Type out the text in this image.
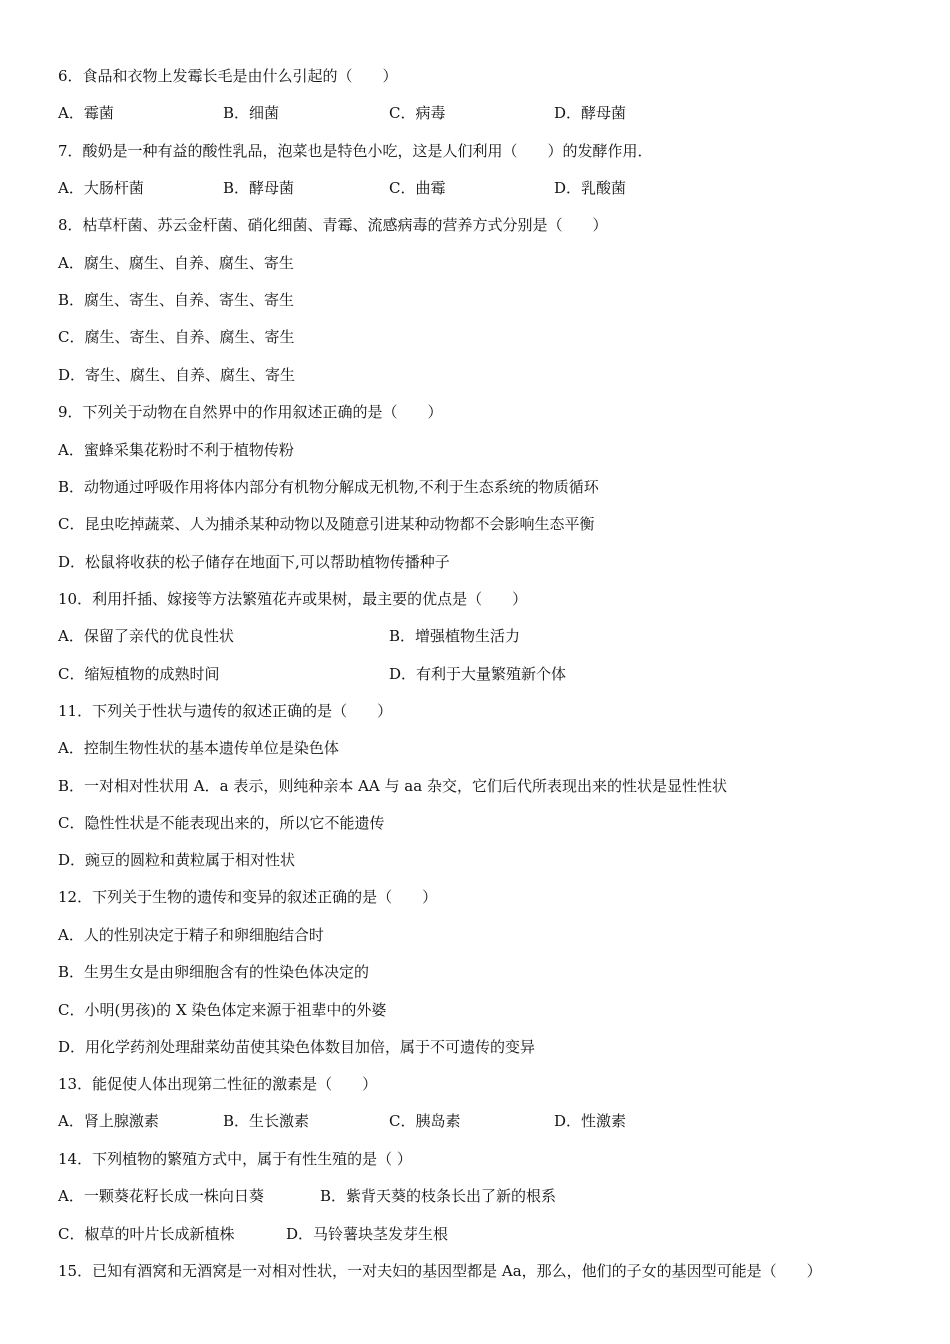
6．食品和衣物上发霉长毛是由什么引起的（　　）
A．霉菌	B．细菌	C．病毒	D．酵母菌
7．酸奶是一种有益的酸性乳品，泡菜也是特色小吃，这是人们利用（　　）的发酵作用．
A．大肠杆菌	B．酵母菌	C．曲霉	D．乳酸菌
8．枯草杆菌、苏云金杆菌、硝化细菌、青霉、流感病毒的营养方式分别是（　　）
A．腐生、腐生、自养、腐生、寄生
B．腐生、寄生、自养、寄生、寄生
C．腐生、寄生、自养、腐生、寄生
D．寄生、腐生、自养、腐生、寄生
9．下列关于动物在自然界中的作用叙述正确的是（　　）
A．蜜蜂采集花粉时不利于植物传粉
B．动物通过呼吸作用将体内部分有机物分解成无机物,不利于生态系统的物质循环
C．昆虫吃掉蔬菜、人为捕杀某种动物以及随意引进某种动物都不会影响生态平衡
D．松鼠将收获的松子储存在地面下,可以帮助植物传播种子
10．利用扦插、嫁接等方法繁殖花卉或果树，最主要的优点是（　　）
A．保留了亲代的优良性状	B．增强植物生活力
C．缩短植物的成熟时间	D．有利于大量繁殖新个体
11．下列关于性状与遗传的叙述正确的是（　　）
A．控制生物性状的基本遗传单位是染色体
B．一对相对性状用 A．a 表示，则纯种亲本 AA 与 aa 杂交，它们后代所表现出来的性状是显性性状
C．隐性性状是不能表现出来的，所以它不能遗传
D．豌豆的圆粒和黄粒属于相对性状
12．下列关于生物的遗传和变异的叙述正确的是（　　）
A．人的性别决定于精子和卵细胞结合时
B．生男生女是由卵细胞含有的性染色体决定的
C．小明(男孩)的 X 染色体定来源于祖辈中的外婆
D．用化学药剂处理甜菜幼苗使其染色体数目加倍，属于不可遗传的变异
13．能促使人体出现第二性征的激素是（　　）
A．肾上腺激素	B．生长激素	C．胰岛素	D．性激素
14．下列植物的繁殖方式中，属于有性生殖的是（ ）
A．一颗葵花籽长成一株向日葵	B．紫背天葵的枝条长出了新的根系
C．椒草的叶片长成新植株	D．马铃薯块茎发芽生根
15．已知有酒窝和无酒窝是一对相对性状，一对夫妇的基因型都是 Aa，那么，他们的子女的基因型可能是（　　）
